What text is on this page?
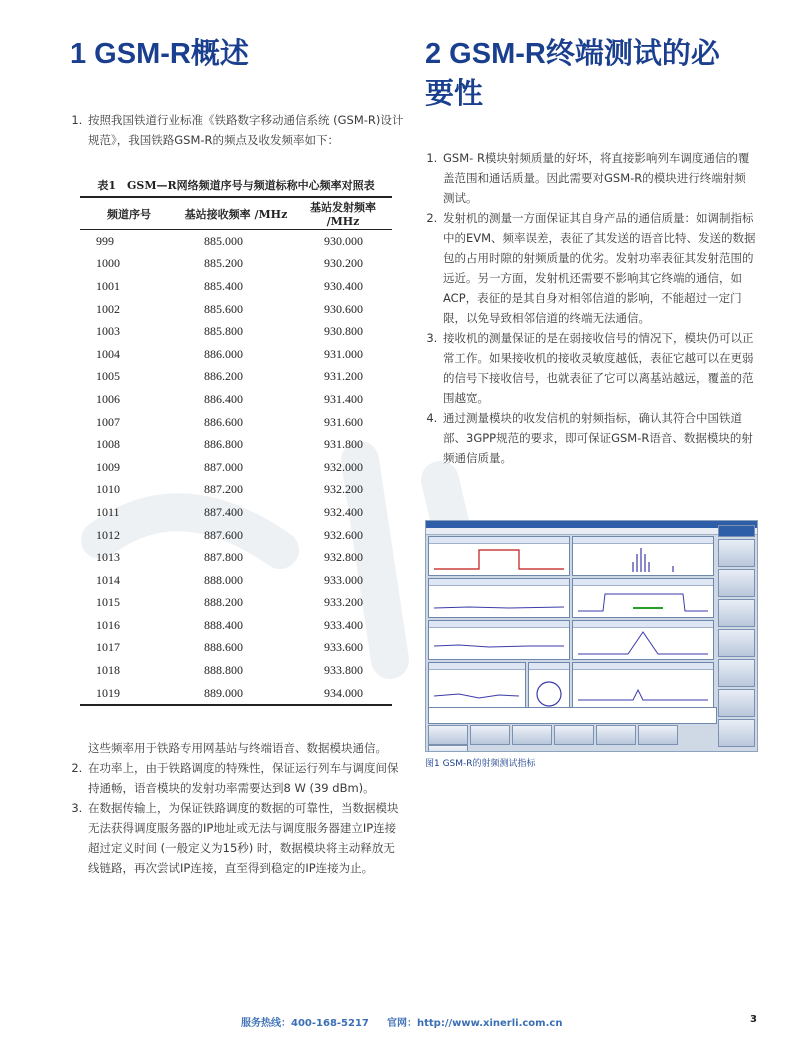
1 GSM-R概述
1. 按照我国铁道行业标准《铁路数字移动通信系统 (GSM-R)设计规范》，我国铁路GSM-R的频点及收发频率如下：
表1　GSM—R网络频道序号与频道标称中心频率对照表
频道序号	基站接收频率 /MHz	基站发射频率 /MHz
999	885.000	930.000
1000	885.200	930.200
1001	885.400	930.400
1002	885.600	930.600
1003	885.800	930.800
1004	886.000	931.000
1005	886.200	931.200
1006	886.400	931.400
1007	886.600	931.600
1008	886.800	931.800
1009	887.000	932.000
1010	887.200	932.200
1011	887.400	932.400
1012	887.600	932.600
1013	887.800	932.800
1014	888.000	933.000
1015	888.200	933.200
1016	888.400	933.400
1017	888.600	933.600
1018	888.800	933.800
1019	889.000	934.000

这些频率用于铁路专用网基站与终端语音、数据模块通信。

2. 在功率上，由于铁路调度的特殊性，保证运行列车与调度间保持通畅，语音模块的发射功率需要达到8 W (39 dBm)。
3. 在数据传输上，为保证铁路调度的数据的可靠性，当数据模块无法获得调度服务器的IP地址或无法与调度服务器建立IP连接超过定义时间 (一般定义为15秒) 时，数据模块将主动释放无线链路，再次尝试IP连接，直至得到稳定的IP连接为止。
2 GSM-R终端测试的必
要性
1. GSM- R模块射频质量的好坏，将直接影响列车调度通信的覆盖范围和通话质量。因此需要对GSM-R的模块进行终端射频测试。
2. 发射机的测量一方面保证其自身产品的通信质量：如调制指标中的EVM、频率误差，表征了其发送的语音比特、发送的数据包的占用时隙的射频质量的优劣。发射功率表征其发射范围的远近。另一方面，发射机还需要不影响其它终端的通信，如ACP，表征的是其自身对相邻信道的影响，不能超过一定门限，以免导致相邻信道的终端无法通信。
3. 接收机的测量保证的是在弱接收信号的情况下，模块仍可以正常工作。如果接收机的接收灵敏度越低，表征它越可以在更弱的信号下接收信号，也就表征了它可以离基站越远，覆盖的范围越宽。
4. 通过测量模块的收发信机的射频指标，确认其符合中国铁道部、3GPP规范的要求，即可保证GSM-R语音、数据模块的射频通信质量。
图1 GSM-R的射频测试指标
服务热线：400-168-5217 官网：http://www.xinerli.com.cn	3
